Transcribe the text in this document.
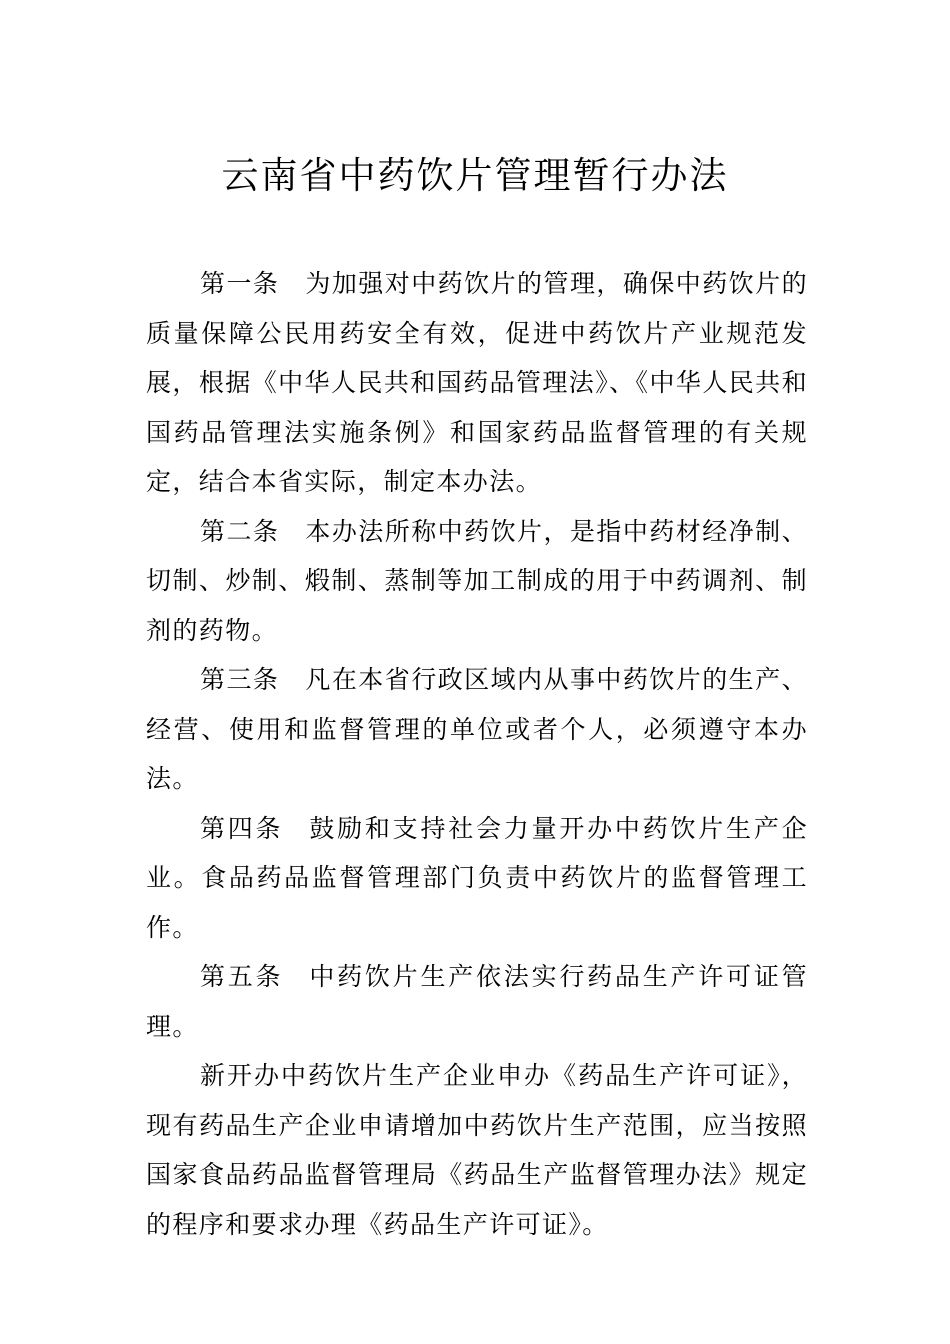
云南省中药饮片管理暂行办法

第一条 为加强对中药饮片的管理，确保中药饮片的质量保障公民用药安全有效，促进中药饮片产业规范发展，根据《中华人民共和国药品管理法》、《中华人民共和国药品管理法实施条例》和国家药品监督管理的有关规定，结合本省实际，制定本办法。

第二条 本办法所称中药饮片，是指中药材经净制、切制、炒制、煅制、蒸制等加工制成的用于中药调剂、制剂的药物。

第三条 凡在本省行政区域内从事中药饮片的生产、经营、使用和监督管理的单位或者个人，必须遵守本办法。

第四条 鼓励和支持社会力量开办中药饮片生产企业。食品药品监督管理部门负责中药饮片的监督管理工作。

第五条 中药饮片生产依法实行药品生产许可证管理。

新开办中药饮片生产企业申办《药品生产许可证》，现有药品生产企业申请增加中药饮片生产范围，应当按照国家食品药品监督管理局《药品生产监督管理办法》规定的程序和要求办理《药品生产许可证》。
